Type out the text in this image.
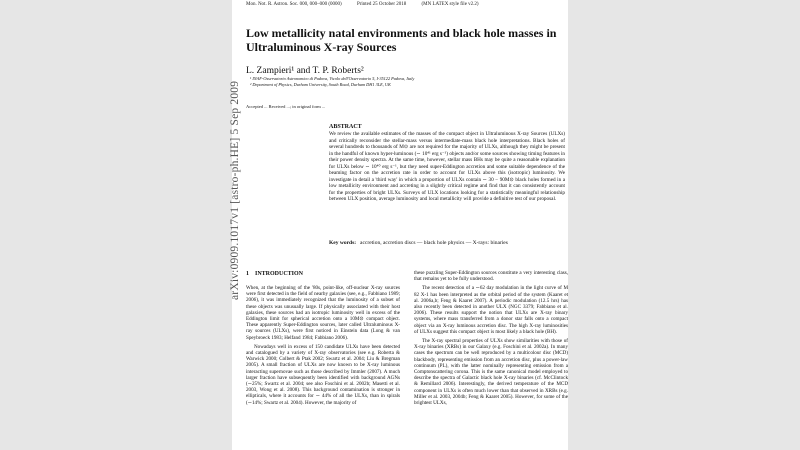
Mon. Not. R. Astron. Soc. 000, 000–000 (0000)	Printed 25 October 2018	(MN LATEX style file v2.2)
arXiv:0909.1017v1 [astro-ph.HE] 5 Sep 2009
Low metallicity natal environments and black hole masses in Ultraluminous X-ray Sources
L. Zampieri¹ and T. P. Roberts²
¹ INAF-Osservatorio Astronomico di Padova, Vicolo dell'Osservatorio 5, I-35122 Padova, Italy
² Department of Physics, Durham University, South Road, Durham DH1 3LE, UK
Accepted ... Received ...; in original form ...
ABSTRACT

We review the available estimates of the masses of the compact object in Ultraluminous X-ray Sources (ULXs) and critically reconsider the stellar-mass versus intermediate-mass black hole interpretations. Black holes of several hundreds to thousands of M⊙ are not required for the majority of ULXs, although they might be present in the handful of known hyper-luminous (∼ 10⁴¹ erg s⁻¹) objects and/or some sources showing timing features in their power density spectra. At the same time, however, stellar mass BHs may be quite a reasonable explanation for ULXs below ∼ 10⁴⁰ erg s⁻¹, but they need super-Eddington accretion and some suitable dependence of the beaming factor on the accretion rate in order to account for ULXs above this (isotropic) luminosity. We investigate in detail a 'third way' in which a proportion of ULXs contain ∼ 30 − 90M⊙ black holes formed in a low metallicity environment and accreting in a slightly critical regime and find that it can consistently account for the properties of bright ULXs. Surveys of ULX locations looking for a statistically meaningful relationship between ULX position, average luminosity and local metallicity will provide a definitive test of our proposal.

Key words: accretion, accretion discs — black hole physics — X-rays: binaries
1 INTRODUCTION

When, at the beginning of the '80s, point-like, off-nuclear X-ray sources were first detected in the field of nearby galaxies (see, e.g., Fabbiano 1989; 2006), it was immediately recognized that the luminosity of a subset of these objects was unusually large. If physically associated with their host galaxies, these sources had an isotropic luminosity well in excess of the Eddington limit for spherical accretion onto a 10M⊙ compact object. These apparently Super-Eddington sources, later called Ultraluminous X-ray sources (ULXs), were first noticed in Einstein data (Long & van Speybroeck 1983; Helfand 1984; Fabbiano 2006).

Nowadays well in excess of 150 candidate ULXs have been detected and catalogued by a variety of X-ray observatories (see e.g. Roberta & Warwick 2000; Colbert & Ptak 2002; Swartz et al. 2004; Liu & Bregman 2005). A small fraction of ULXs are now known to be X-ray luminous interacting supernovae such as those described by Immler (2007). A much larger fraction have subsequently been identified with background AGNs (∼25%; Swartz et al. 2004; see also Foschini et al. 2002b; Masetti et al. 2003, Wong et al. 2008). This background contamination is stronger in ellipticals, where it accounts for ∼ 44% of all the ULXs, than in spirals (∼14%; Swartz et al. 2004). However, the majority of

these puzzling Super-Eddington sources constitute a very interesting class, that remains yet to be fully understood.

The recent detection of a ∼62 day modulation in the light curve of M 82 X-1 has been interpreted as the orbital period of the system (Kaaret et al. 2006a,b; Feng & Kaaret 2007). A periodic modulation (12.5 hrs) has also recently been detected in another ULX (NGC 3379; Fabbiano et al. 2006). These results support the notion that ULXs are X-ray binary systems, where mass transferred from a donor star falls onto a compact object via an X-ray luminous accretion disc. The high X-ray luminosities of ULXs suggest this compact object is most likely a black hole (BH).

The X-ray spectral properties of ULXs show similarities with those of X-ray binaries (XRBs) in our Galaxy (e.g. Foschini et al. 2002a). In many cases the spectrum can be well reproduced by a multicolour disc (MCD) blackbody, representing emission from an accretion disc, plus a power-law continuum (PL), with the latter nominally representing emission from a Comptonscattering corona. This is the same canonical model employed to describe the spectra of Galactic black hole X-ray binaries (cf. McClintock & Remillard 2006). Interestingly, the derived temperature of the MCD component in ULXs is often much lower than that observed in XRBs (e.g. Miller et al. 2003, 2004b; Feng & Kaaret 2005). However, for some of the brightest ULXs,
